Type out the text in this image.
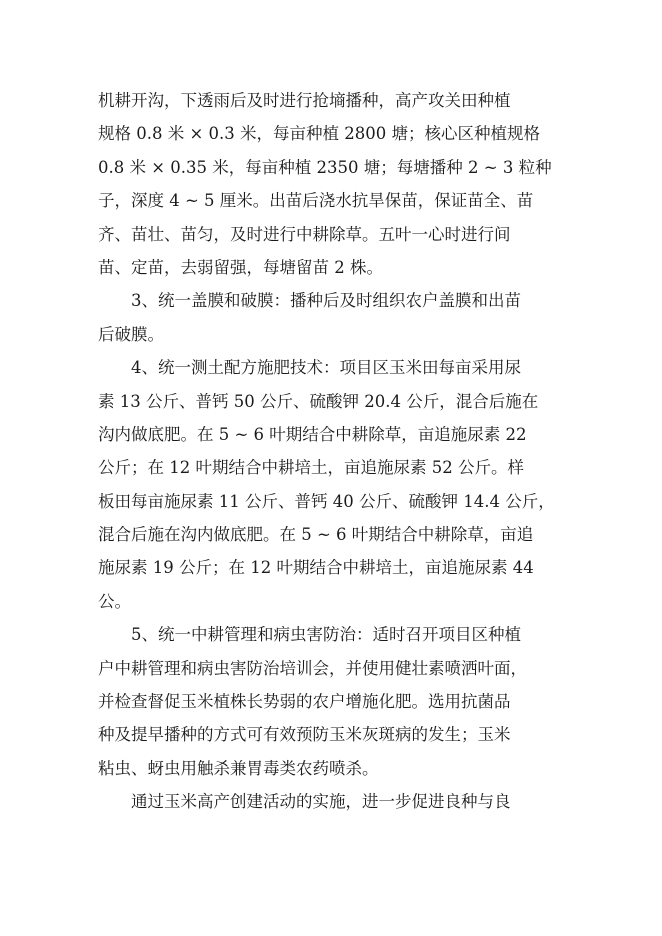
机耕开沟，下透雨后及时进行抢墒播种，高产攻关田种植
规格 0.8 米 × 0.3 米，每亩种植 2800 塘；核心区种植规格
0.8 米 × 0.35 米，每亩种植 2350 塘；每塘播种 2 ~ 3 粒种
子，深度 4 ~ 5 厘米。出苗后浇水抗旱保苗，保证苗全、苗
齐、苗壮、苗匀，及时进行中耕除草。五叶一心时进行间
苗、定苗，去弱留强，每塘留苗 2 株。
3、统一盖膜和破膜：播种后及时组织农户盖膜和出苗
后破膜。
4、统一测土配方施肥技术：项目区玉米田每亩采用尿
素 13 公斤、普钙 50 公斤、硫酸钾 20.4 公斤，混合后施在
沟内做底肥。在 5 ~ 6 叶期结合中耕除草，亩追施尿素 22
公斤；在 12 叶期结合中耕培土，亩追施尿素 52 公斤。样
板田每亩施尿素 11 公斤、普钙 40 公斤、硫酸钾 14.4 公斤，
混合后施在沟内做底肥。在 5 ~ 6 叶期结合中耕除草，亩追
施尿素 19 公斤；在 12 叶期结合中耕培土，亩追施尿素 44
公。
5、统一中耕管理和病虫害防治：适时召开项目区种植
户中耕管理和病虫害防治培训会，并使用健壮素喷洒叶面，
并检查督促玉米植株长势弱的农户增施化肥。选用抗菌品
种及提早播种的方式可有效预防玉米灰斑病的发生；玉米
粘虫、蚜虫用触杀兼胃毒类农药喷杀。
通过玉米高产创建活动的实施，进一步促进良种与良
